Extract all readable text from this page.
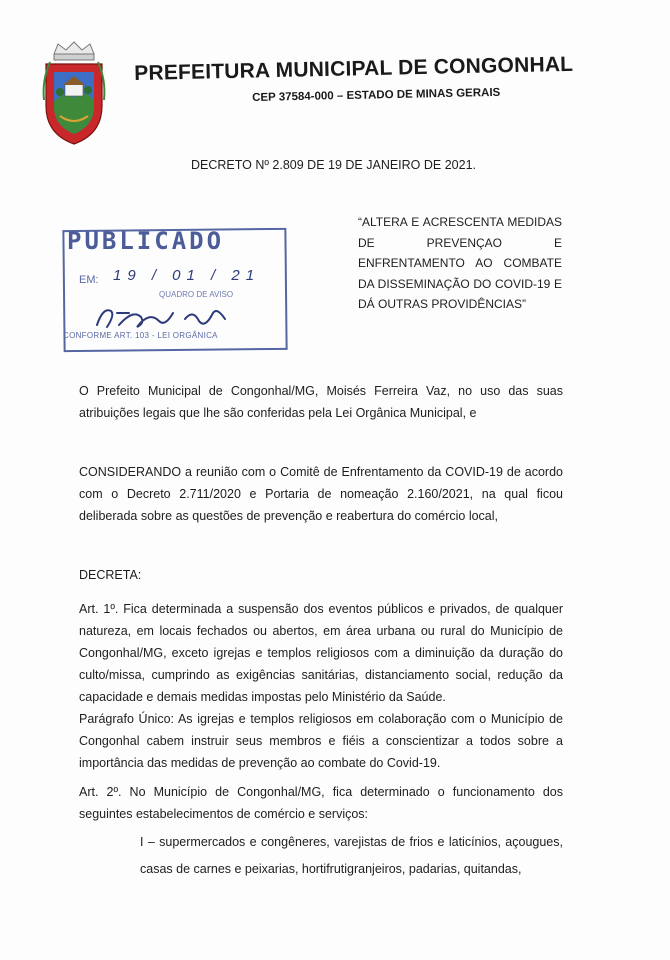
PREFEITURA MUNICIPAL DE CONGONHAL
CEP 37584-000 – ESTADO DE MINAS GERAIS
DECRETO Nº 2.809 DE 19 DE JANEIRO DE 2021.
PUBLICADO
EM: 19 / 01 / 21
QUADRO DE AVISO
CONFORME ART. 103 - LEI ORGÂNICA
“ALTERA E ACRESCENTA MEDIDAS DE PREVENÇAO E ENFRENTAMENTO AO COMBATE DA DISSEMINAÇÃO DO COVID-19 E DÁ OUTRAS PROVIDÊNCIAS”
O Prefeito Municipal de Congonhal/MG, Moisés Ferreira Vaz, no uso das suas atribuições legais que lhe são conferidas pela Lei Orgânica Municipal, e
CONSIDERANDO a reunião com o Comitê de Enfrentamento da COVID-19 de acordo com o Decreto 2.711/2020 e Portaria de nomeação 2.160/2021, na qual ficou deliberada sobre as questões de prevenção e reabertura do comércio local,
DECRETA:
Art. 1º. Fica determinada a suspensão dos eventos públicos e privados, de qualquer natureza, em locais fechados ou abertos, em área urbana ou rural do Município de Congonhal/MG, exceto igrejas e templos religiosos com a diminuição da duração do culto/missa, cumprindo as exigências sanitárias, distanciamento social, redução da capacidade e demais medidas impostas pelo Ministério da Saúde.
Parágrafo Único: As igrejas e templos religiosos em colaboração com o Município de Congonhal cabem instruir seus membros e fiéis a conscientizar a todos sobre a importância das medidas de prevenção ao combate do Covid-19.
Art. 2º. No Município de Congonhal/MG, fica determinado o funcionamento dos seguintes estabelecimentos de comércio e serviços:
I – supermercados e congêneres, varejistas de frios e laticínios, açougues, casas de carnes e peixarias, hortifrutigranjeiros, padarias, quitandas,
